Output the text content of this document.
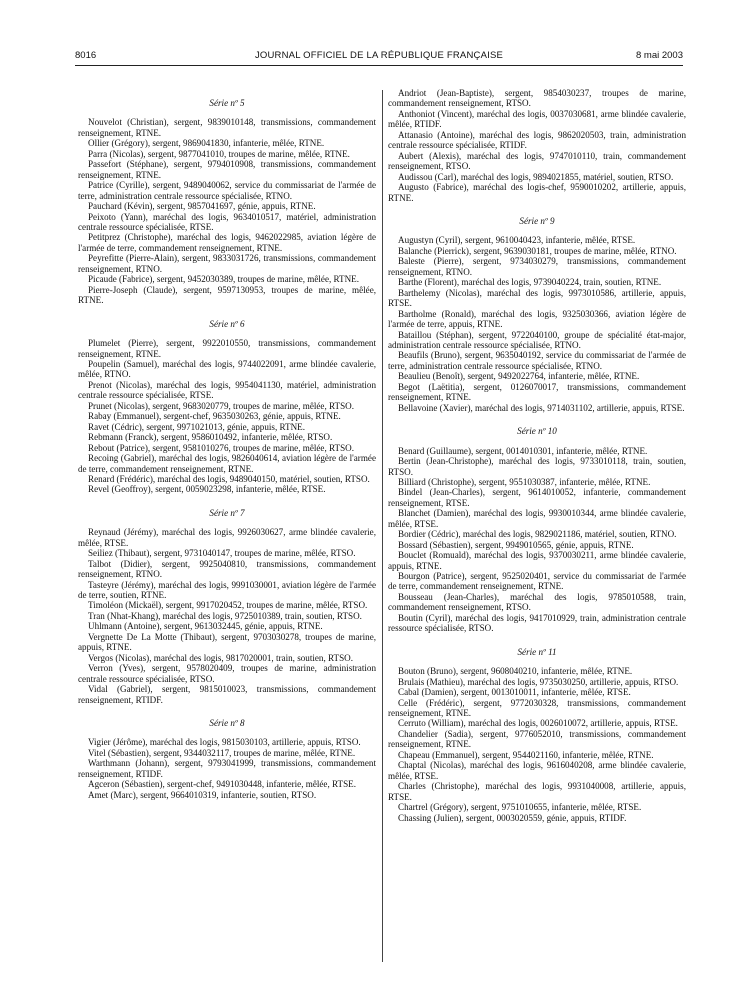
8016	JOURNAL OFFICIEL DE LA RÉPUBLIQUE FRANÇAISE	8 mai 2003
Série nº 5

Nouvelot (Christian), sergent, 9839010148, transmissions, commandement renseignement, RTNE.

Ollier (Grégory), sergent, 9869041830, infanterie, mêlée, RTNE.

Parra (Nicolas), sergent, 9877041010, troupes de marine, mêlée, RTNE.

Passefort (Stéphane), sergent, 9794010908, transmissions, commandement renseignement, RTNE.

Patrice (Cyrille), sergent, 9489040062, service du commissariat de l'armée de terre, administration centrale ressource spécialisée, RTNO.

Pauchard (Kévin), sergent, 9857041697, génie, appuis, RTNE.

Peixoto (Yann), maréchal des logis, 9634010517, matériel, administration centrale ressource spécialisée, RTSE.

Petitprez (Christophe), maréchal des logis, 9462022985, aviation légère de l'armée de terre, commandement renseignement, RTNE.

Peyrefitte (Pierre-Alain), sergent, 9833031726, transmissions, commandement renseignement, RTNO.

Picaude (Fabrice), sergent, 9452030389, troupes de marine, mêlée, RTNE.

Pierre-Joseph (Claude), sergent, 9597130953, troupes de marine, mêlée, RTNE.

Série nº 6

Plumelet (Pierre), sergent, 9922010550, transmissions, commandement renseignement, RTNE.

Poupelin (Samuel), maréchal des logis, 9744022091, arme blindée cavalerie, mêlée, RTNO.

Prenot (Nicolas), maréchal des logis, 9954041130, matériel, administration centrale ressource spécialisée, RTSE.

Prunet (Nicolas), sergent, 9683020779, troupes de marine, mêlée, RTSO.

Rabay (Emmanuel), sergent-chef, 9635030263, génie, appuis, RTNE.

Ravet (Cédric), sergent, 9971021013, génie, appuis, RTNE.

Rebmann (Franck), sergent, 9586010492, infanterie, mêlée, RTSO.

Rebout (Patrice), sergent, 9581010276, troupes de marine, mêlée, RTSO.

Recoing (Gabriel), maréchal des logis, 9826040614, aviation légère de l'armée de terre, commandement renseignement, RTNE.

Renard (Frédéric), maréchal des logis, 9489040150, matériel, soutien, RTSO.

Revel (Geoffroy), sergent, 0059023298, infanterie, mêlée, RTSE.

Série nº 7

Reynaud (Jérémy), maréchal des logis, 9926030627, arme blindée cavalerie, mêlée, RTSE.

Seiliez (Thibaut), sergent, 9731040147, troupes de marine, mêlée, RTSO.

Talbot (Didier), sergent, 9925040810, transmissions, commandement renseignement, RTNO.

Tasteyre (Jérémy), maréchal des logis, 9991030001, aviation légère de l'armée de terre, soutien, RTNE.

Timoléon (Mickaël), sergent, 9917020452, troupes de marine, mêlée, RTSO.

Tran (Nhat-Khang), maréchal des logis, 9725010389, train, soutien, RTSO.

Uhlmann (Antoine), sergent, 9613032445, génie, appuis, RTNE.

Vergnette De La Motte (Thibaut), sergent, 9703030278, troupes de marine, appuis, RTNE.

Vergos (Nicolas), maréchal des logis, 9817020001, train, soutien, RTSO.

Verron (Yves), sergent, 9578020409, troupes de marine, administration centrale ressource spécialisée, RTSO.

Vidal (Gabriel), sergent, 9815010023, transmissions, commandement renseignement, RTIDF.

Série nº 8

Vigier (Jérôme), maréchal des logis, 9815030103, artillerie, appuis, RTSO.

Vitel (Sébastien), sergent, 9344032117, troupes de marine, mêlée, RTNE.

Warthmann (Johann), sergent, 9793041999, transmissions, commandement renseignement, RTIDF.

Agceron (Sébastien), sergent-chef, 9491030448, infanterie, mêlée, RTSE.

Amet (Marc), sergent, 9664010319, infanterie, soutien, RTSO.

Andriot (Jean-Baptiste), sergent, 9854030237, troupes de marine, commandement renseignement, RTSO.

Anthoniot (Vincent), maréchal des logis, 0037030681, arme blindée cavalerie, mêlée, RTIDF.

Attanasio (Antoine), maréchal des logis, 9862020503, train, administration centrale ressource spécialisée, RTIDF.

Aubert (Alexis), maréchal des logis, 9747010110, train, commandement renseignement, RTSO.

Audissou (Carl), maréchal des logis, 9894021855, matériel, soutien, RTSO.

Augusto (Fabrice), maréchal des logis-chef, 9590010202, artillerie, appuis, RTNE.

Série nº 9

Augustyn (Cyril), sergent, 9610040423, infanterie, mêlée, RTSE.

Balanche (Pierrick), sergent, 9639030181, troupes de marine, mêlée, RTNO.

Baleste (Pierre), sergent, 9734030279, transmissions, commandement renseignement, RTNO.

Barthe (Florent), maréchal des logis, 9739040224, train, soutien, RTNE.

Barthelemy (Nicolas), maréchal des logis, 9973010586, artillerie, appuis, RTSE.

Bartholme (Ronald), maréchal des logis, 9325030366, aviation légère de l'armée de terre, appuis, RTNE.

Bataillou (Stéphan), sergent, 9722040100, groupe de spécialité état-major, administration centrale ressource spécialisée, RTNO.

Beaufils (Bruno), sergent, 9635040192, service du commissariat de l'armée de terre, administration centrale ressource spécialisée, RTNO.

Beaulieu (Benoît), sergent, 9492022764, infanterie, mêlée, RTNE.

Begot (Laëtitia), sergent, 0126070017, transmissions, commandement renseignement, RTNE.

Bellavoine (Xavier), maréchal des logis, 9714031102, artillerie, appuis, RTSE.

Série nº 10

Benard (Guillaume), sergent, 0014010301, infanterie, mêlée, RTNE.

Bertin (Jean-Christophe), maréchal des logis, 9733010118, train, soutien, RTSO.

Billiard (Christophe), sergent, 9551030387, infanterie, mêlée, RTNE.

Bindel (Jean-Charles), sergent, 9614010052, infanterie, commandement renseignement, RTSE.

Blanchet (Damien), maréchal des logis, 9930010344, arme blindée cavalerie, mêlée, RTSE.

Bordier (Cédric), maréchal des logis, 9829021186, matériel, soutien, RTNO.

Bossard (Sébastien), sergent, 9949010565, génie, appuis, RTNE.

Bouclet (Romuald), maréchal des logis, 9370030211, arme blindée cavalerie, appuis, RTNE.

Bourgon (Patrice), sergent, 9525020401, service du commissariat de l'armée de terre, commandement renseignement, RTNE.

Bousseau (Jean-Charles), maréchal des logis, 9785010588, train, commandement renseignement, RTSO.

Boutin (Cyril), maréchal des logis, 9417010929, train, administration centrale ressource spécialisée, RTSO.

Série nº 11

Bouton (Bruno), sergent, 9608040210, infanterie, mêlée, RTNE.

Brulais (Mathieu), maréchal des logis, 9735030250, artillerie, appuis, RTSO.

Cabal (Damien), sergent, 0013010011, infanterie, mêlée, RTSE.

Celle (Frédéric), sergent, 9772030328, transmissions, commandement renseignement, RTNE.

Cerruto (William), maréchal des logis, 0026010072, artillerie, appuis, RTSE.

Chandelier (Sadia), sergent, 9776052010, transmissions, commandement renseignement, RTNE.

Chapeau (Emmanuel), sergent, 9544021160, infanterie, mêlée, RTNE.

Chaptal (Nicolas), maréchal des logis, 9616040208, arme blindée cavalerie, mêlée, RTSE.

Charles (Christophe), maréchal des logis, 9931040008, artillerie, appuis, RTSE.

Chartrel (Grégory), sergent, 9751010655, infanterie, mêlée, RTSE.

Chassing (Julien), sergent, 0003020559, génie, appuis, RTIDF.
